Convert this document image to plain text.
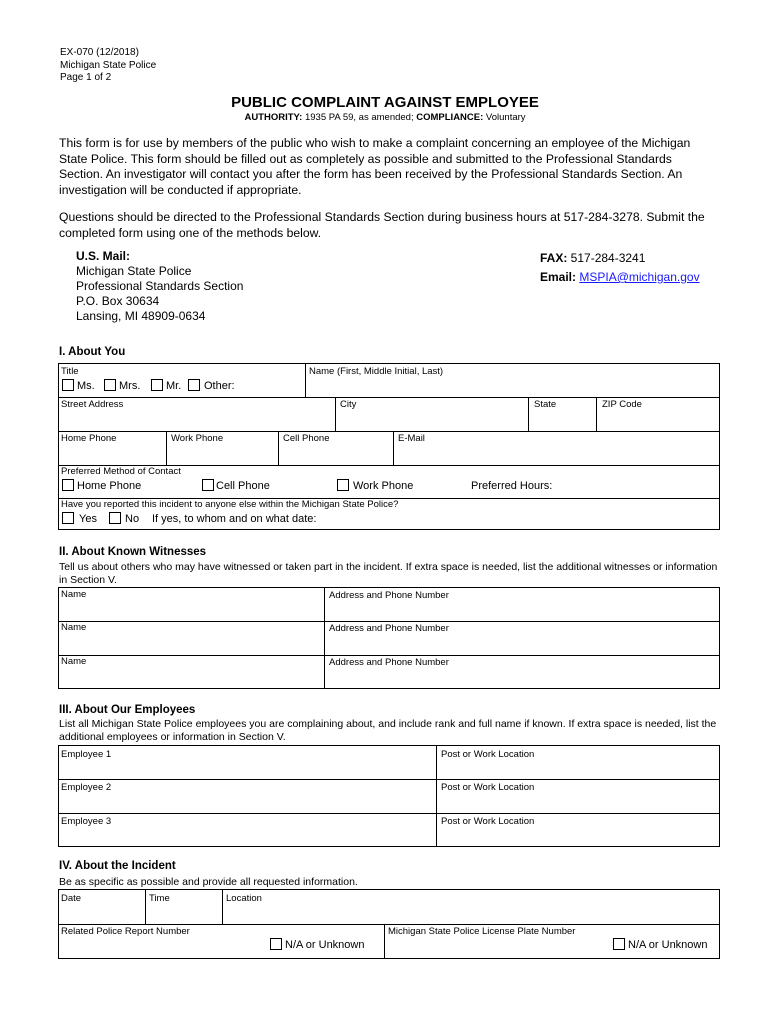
EX-070 (12/2018)
Michigan State Police
Page 1 of 2
PUBLIC COMPLAINT AGAINST EMPLOYEE
AUTHORITY: 1935 PA 59, as amended; COMPLIANCE: Voluntary
This form is for use by members of the public who wish to make a complaint concerning an employee of the Michigan State Police. This form should be filled out as completely as possible and submitted to the Professional Standards Section. An investigator will contact you after the form has been received by the Professional Standards Section. An investigation will be conducted if appropriate.
Questions should be directed to the Professional Standards Section during business hours at 517-284-3278. Submit the completed form using one of the methods below.
U.S. Mail:
Michigan State Police
Professional Standards Section
P.O. Box 30634
Lansing, MI 48909-0634
FAX: 517-284-3241
Email: MSPIA@michigan.gov
I. About You
Title
Ms. Mrs. Mr. Other:
Name (First, Middle Initial, Last)
Street Address	City	State	ZIP Code
Home Phone	Work Phone	Cell Phone	E-Mail
Preferred Method of Contact
Home Phone	Cell Phone	Work Phone	Preferred Hours:
Have you reported this incident to anyone else within the Michigan State Police?
Yes	No If yes, to whom and on what date:
II. About Known Witnesses
Tell us about others who may have witnessed or taken part in the incident. If extra space is needed, list the additional witnesses or information in Section V.
Name	Address and Phone Number
Name	Address and Phone Number
Name	Address and Phone Number
III. About Our Employees
List all Michigan State Police employees you are complaining about, and include rank and full name if known. If extra space is needed, list the additional employees or information in Section V.
Employee 1	Post or Work Location
Employee 2	Post or Work Location
Employee 3	Post or Work Location
IV. About the Incident
Be as specific as possible and provide all requested information.
Date	Time	Location
Related Police Report Number
N/A or Unknown
Michigan State Police License Plate Number
N/A or Unknown
